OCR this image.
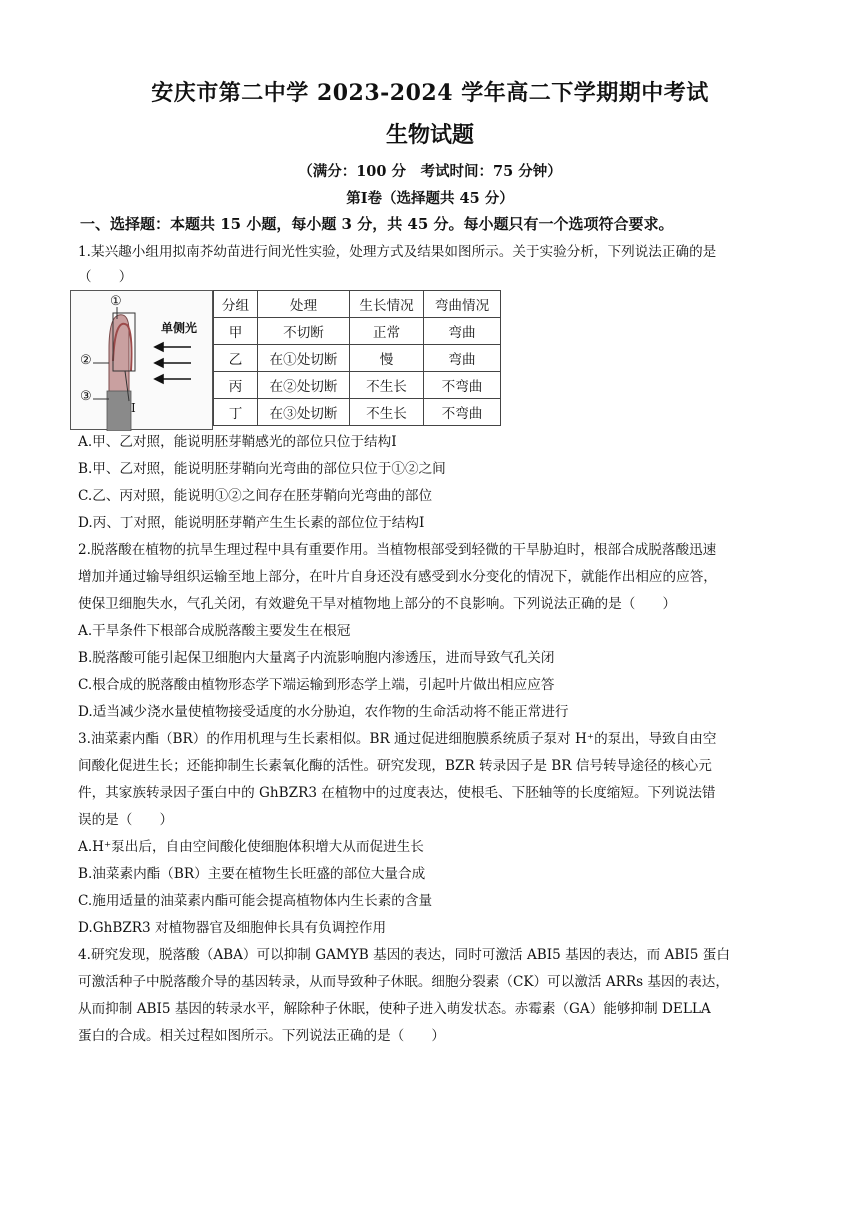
安庆市第二中学 2023-2024 学年高二下学期期中考试
生物试题
（满分：100 分　考试时间：75 分钟）
第Ⅰ卷（选择题共 45 分）
一、选择题：本题共 15 小题，每小题 3 分，共 45 分。每小题只有一个选项符合要求。
1.某兴趣小组用拟南芥幼苗进行间光性实验，处理方式及结果如图所示。关于实验分析，下列说法正确的是
（　　）
①
②
③
单侧光
Ⅰ
分组	处理	生长情况	弯曲情况
甲	不切断	正常	弯曲
乙	在①处切断	慢	弯曲
丙	在②处切断	不生长	不弯曲
丁	在③处切断	不生长	不弯曲
A.甲、乙对照，能说明胚芽鞘感光的部位只位于结构Ⅰ
B.甲、乙对照，能说明胚芽鞘向光弯曲的部位只位于①②之间
C.乙、丙对照，能说明①②之间存在胚芽鞘向光弯曲的部位
D.丙、丁对照，能说明胚芽鞘产生生长素的部位位于结构Ⅰ
2.脱落酸在植物的抗旱生理过程中具有重要作用。当植物根部受到轻微的干旱胁迫时，根部合成脱落酸迅速
增加并通过输导组织运输至地上部分，在叶片自身还没有感受到水分变化的情况下，就能作出相应的应答，
使保卫细胞失水，气孔关闭，有效避免干旱对植物地上部分的不良影响。下列说法正确的是（　　）
A.干旱条件下根部合成脱落酸主要发生在根冠
B.脱落酸可能引起保卫细胞内大量离子内流影响胞内渗透压，进而导致气孔关闭
C.根合成的脱落酸由植物形态学下端运输到形态学上端，引起叶片做出相应应答
D.适当减少浇水量使植物接受适度的水分胁迫，农作物的生命活动将不能正常进行
3.油菜素内酯（BR）的作用机理与生长素相似。BR 通过促进细胞膜系统质子泵对 H⁺的泵出，导致自由空
间酸化促进生长；还能抑制生长素氧化酶的活性。研究发现，BZR 转录因子是 BR 信号转导途径的核心元
件，其家族转录因子蛋白中的 GhBZR3 在植物中的过度表达，使根毛、下胚轴等的长度缩短。下列说法错
误的是（　　）
A.H⁺泵出后，自由空间酸化使细胞体积增大从而促进生长
B.油菜素内酯（BR）主要在植物生长旺盛的部位大量合成
C.施用适量的油菜素内酯可能会提高植物体内生长素的含量
D.GhBZR3 对植物器官及细胞伸长具有负调控作用
4.研究发现，脱落酸（ABA）可以抑制 GAMYB 基因的表达，同时可激活 ABI5 基因的表达，而 ABI5 蛋白
可激活种子中脱落酸介导的基因转录，从而导致种子休眠。细胞分裂素（CK）可以激活 ARRs 基因的表达，
从而抑制 ABI5 基因的转录水平，解除种子休眠，使种子进入萌发状态。赤霉素（GA）能够抑制 DELLA
蛋白的合成。相关过程如图所示。下列说法正确的是（　　）
